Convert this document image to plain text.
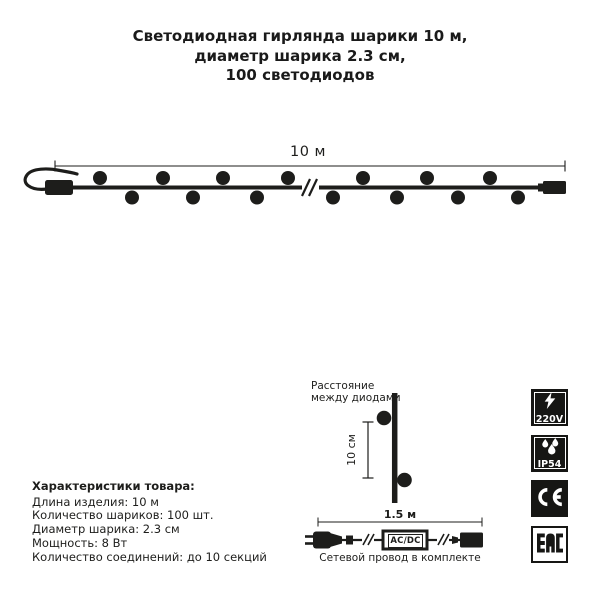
Светодиодная гирлянда шарики 10 м,
диаметр шарика 2.3 см,
100 светодиодов
10 м
Расстояние
между диодами
10 см
1.5 м
AC/DC
Сетевой провод в комплекте
Характеристики товара:
Длина изделия: 10 м
Количество шариков: 100 шт.
Диаметр шарика: 2.3 см
Мощность: 8 Вт
Количество соединений: до 10 секций
220V
IP54
